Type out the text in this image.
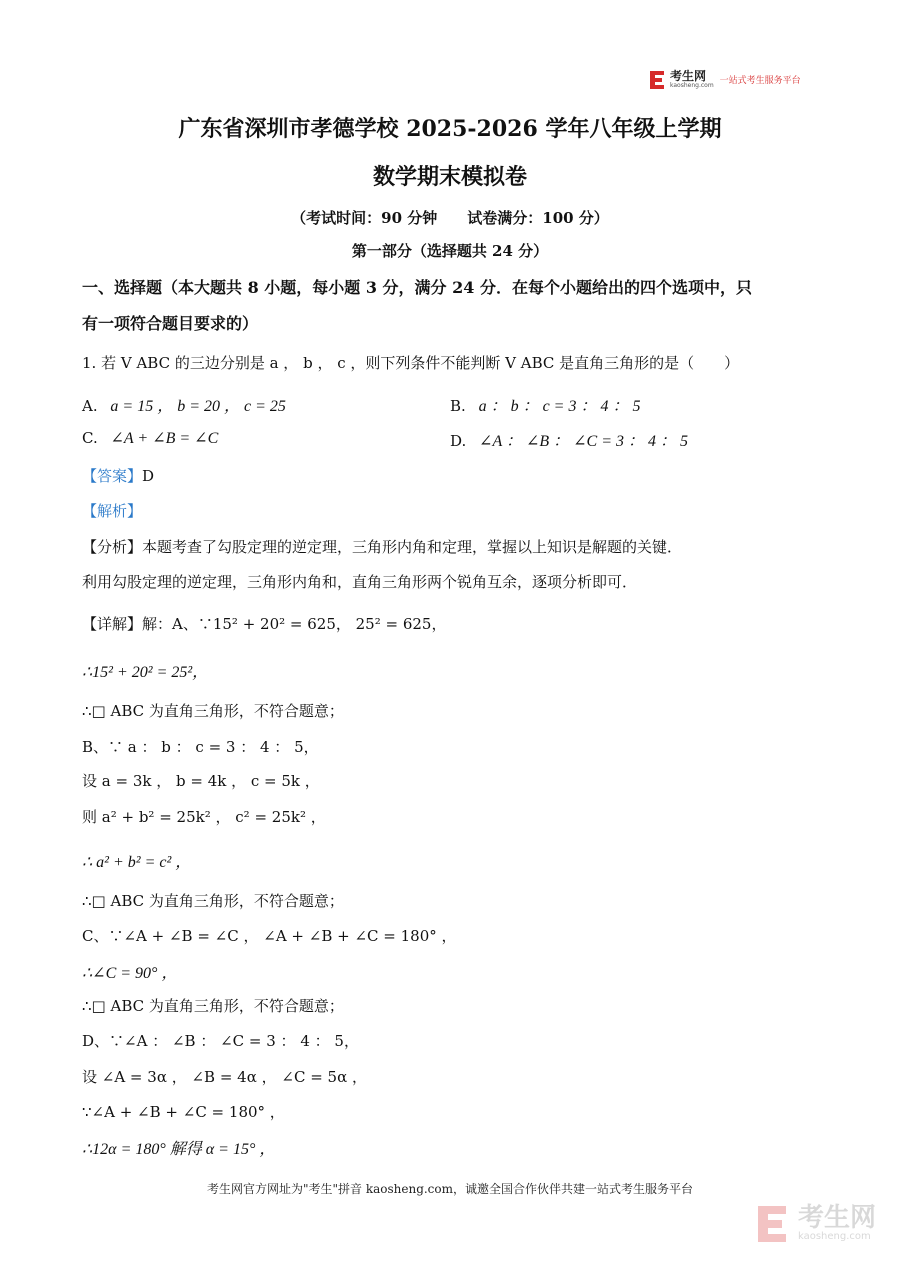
考生网
kaosheng.com 一站式考生服务平台
广东省深圳市孝德学校 2025-2026 学年八年级上学期
数学期末模拟卷
（考试时间：90 分钟　　试卷满分：100 分）
第一部分（选择题共 24 分）
一、选择题（本大题共 8 小题，每小题 3 分，满分 24 分．在每个小题给出的四个选项中，只
有一项符合题目要求的）
1. 若 V ABC 的三边分别是 a ， b ， c ，则下列条件不能判断 V ABC 是直角三角形的是（　　）
A. a = 15 ， b = 20 ， c = 25	B. a ： b ： c = 3 ： 4 ： 5
C. ∠A + ∠B = ∠C	D. ∠A ： ∠B ： ∠C = 3 ： 4 ： 5
【答案】D
【解析】
【分析】本题考查了勾股定理的逆定理，三角形内角和定理，掌握以上知识是解题的关键．
利用勾股定理的逆定理，三角形内角和，直角三角形两个锐角互余，逐项分析即可．
【详解】解：A、∵15² + 20² = 625， 25² = 625，
∴15² + 20² = 25²，
∴□ ABC 为直角三角形，不符合题意；
B、∵ a ： b ： c = 3 ： 4 ： 5，
设 a = 3k ， b = 4k ， c = 5k ，
则 a² + b² = 25k² ， c² = 25k² ，
∴ a² + b² = c² ，
∴□ ABC 为直角三角形，不符合题意；
C、∵∠A + ∠B = ∠C ， ∠A + ∠B + ∠C = 180° ，
∴∠C = 90° ，
∴□ ABC 为直角三角形，不符合题意；
D、∵∠A ： ∠B ： ∠C = 3 ： 4 ： 5，
设 ∠A = 3α ， ∠B = 4α ， ∠C = 5α ，
∵∠A + ∠B + ∠C = 180° ，
∴12α = 180° 解得 α = 15° ，
考生网官方网址为"考生"拼音 kaosheng.com，诚邀全国合作伙伴共建一站式考生服务平台
考生网
kaosheng.com
